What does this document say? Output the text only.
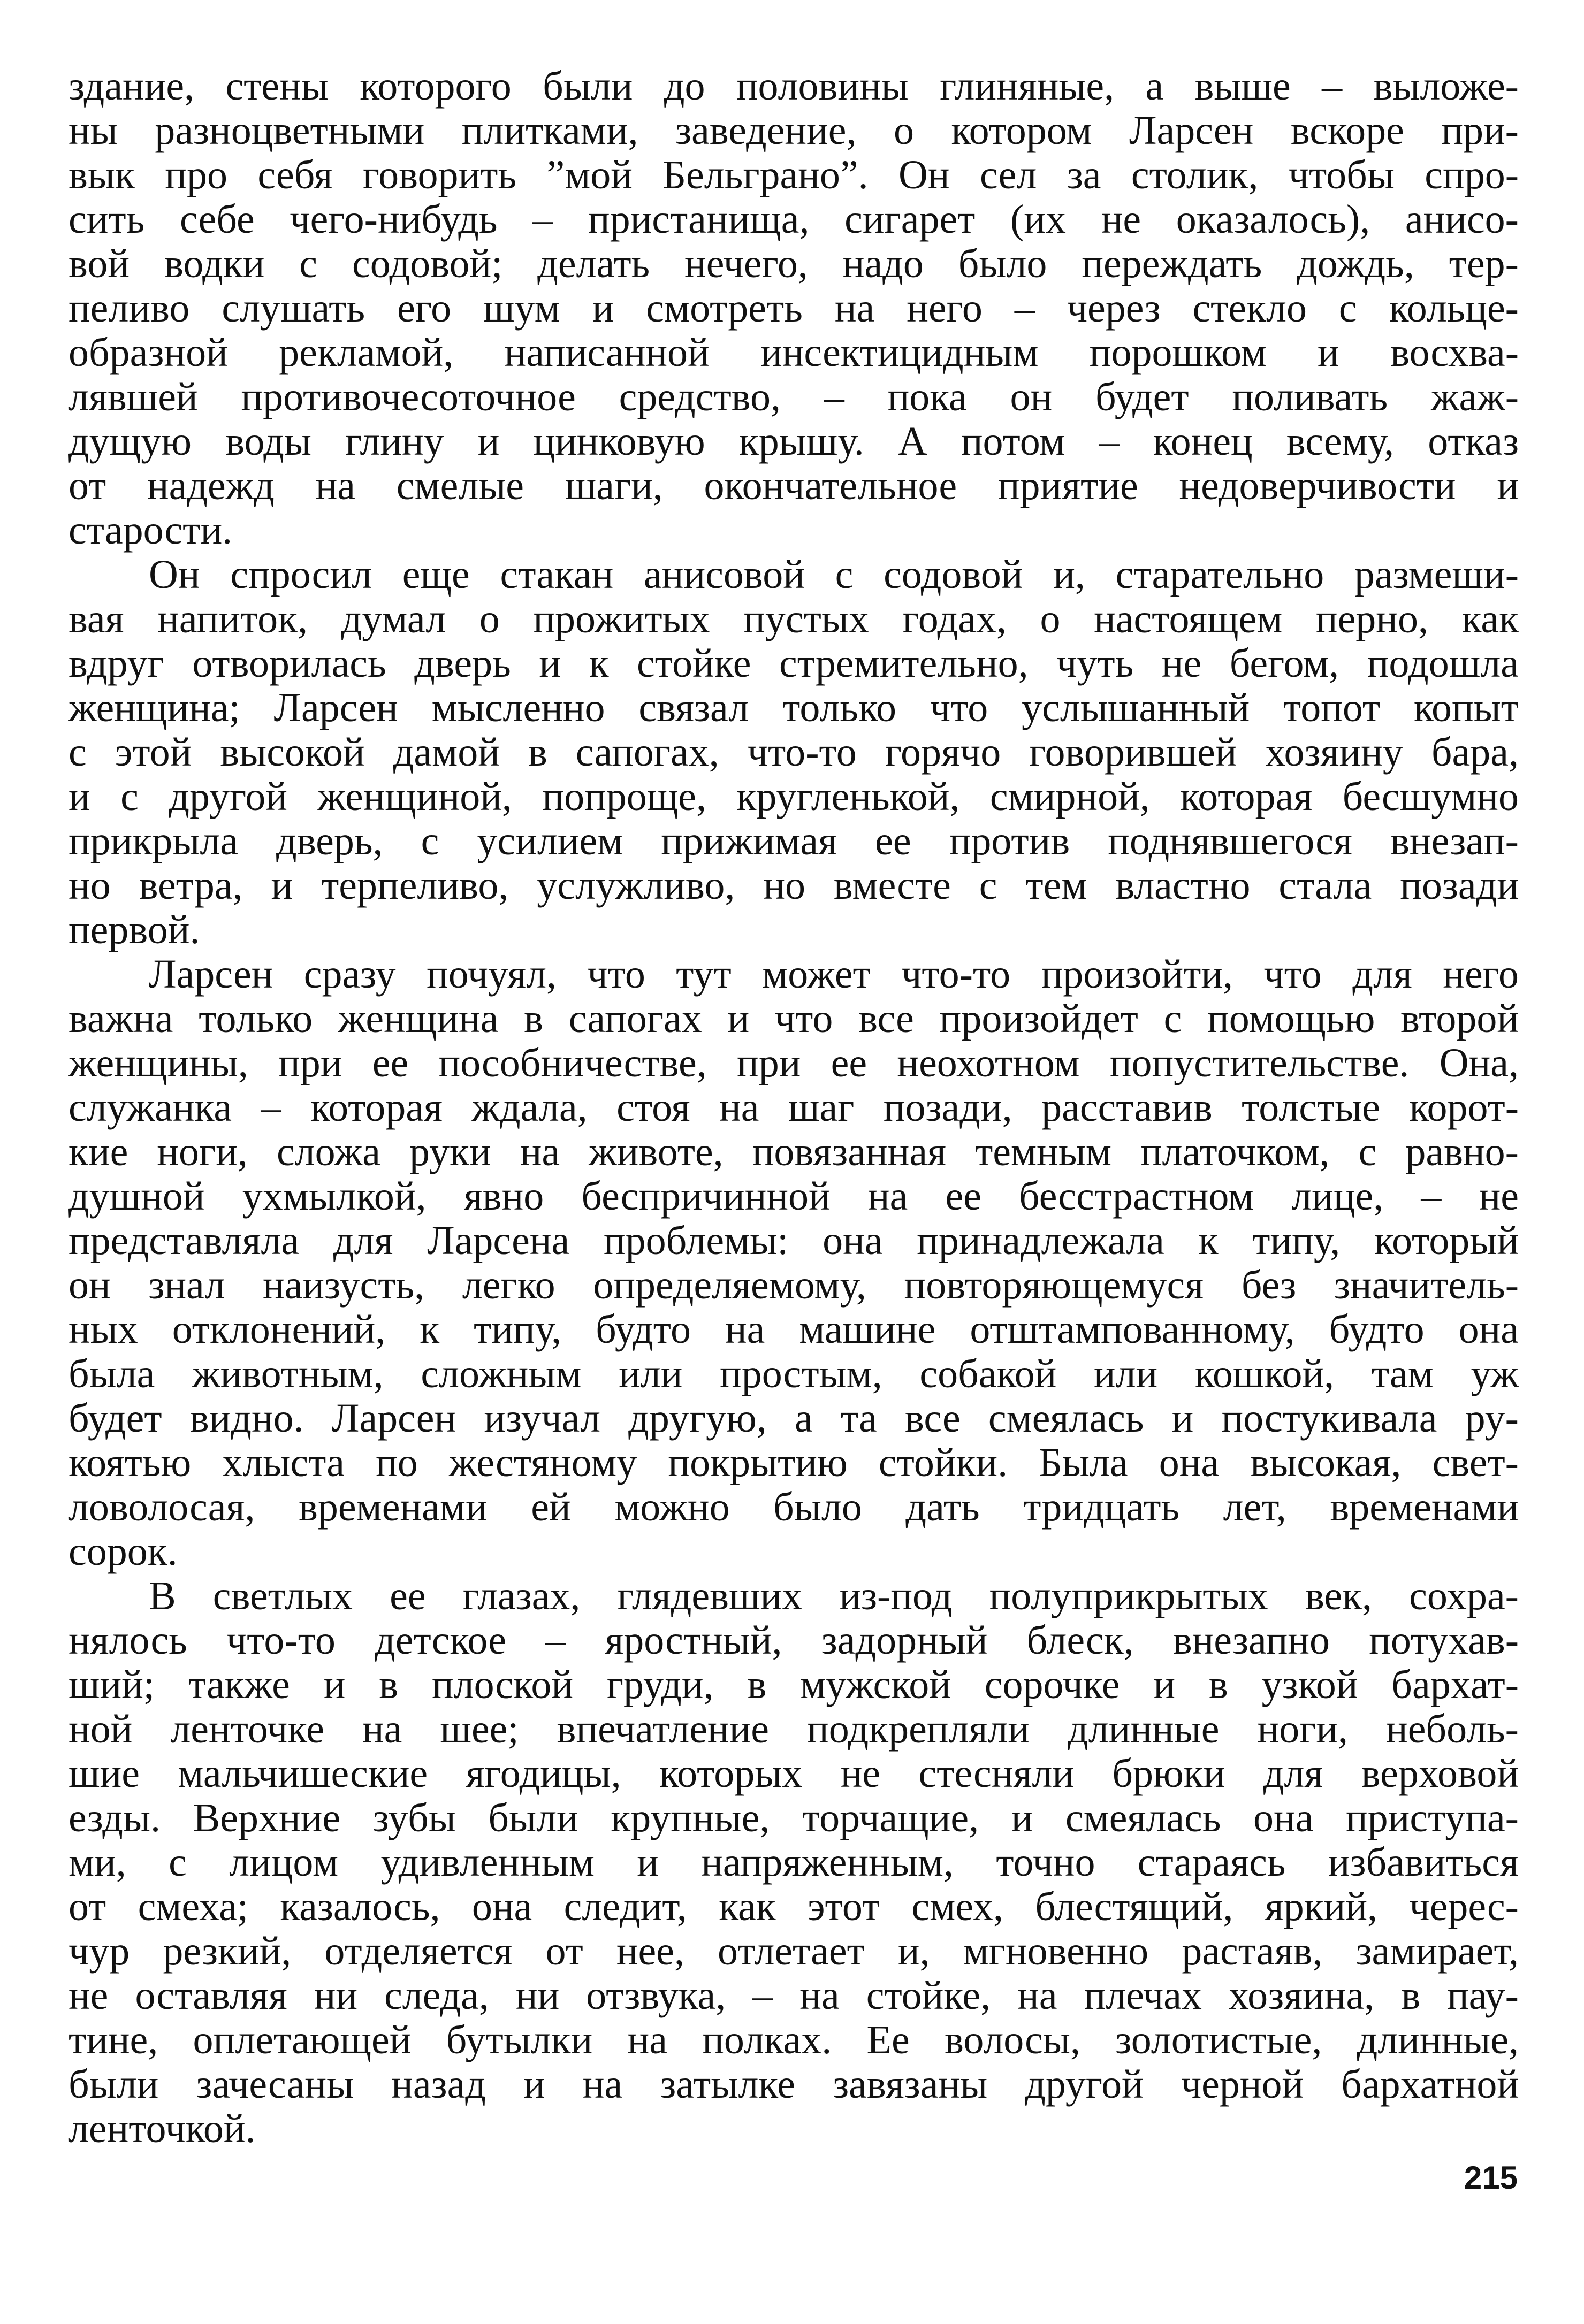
здание, стены которого были до половины глиняные, а выше – выложе-
ны разноцветными плитками, заведение, о котором Ларсен вскоре при-
вык про себя говорить ”мой Бельграно”. Он сел за столик, чтобы спро-
сить себе чего-нибудь – пристанища, сигарет (их не оказалось), анисо-
вой водки с содовой; делать нечего, надо было переждать дождь, тер-
пеливо слушать его шум и смотреть на него – через стекло с кольце-
образной рекламой, написанной инсектицидным порошком и восхва-
лявшей противочесоточное средство, – пока он будет поливать жаж-
дущую воды глину и цинковую крышу. А потом – конец всему, отказ
от надежд на смелые шаги, окончательное приятие недоверчивости и
старости.
Он спросил еще стакан анисовой с содовой и, старательно размеши-
вая напиток, думал о прожитых пустых годах, о настоящем перно, как
вдруг отворилась дверь и к стойке стремительно, чуть не бегом, подошла
женщина; Ларсен мысленно связал только что услышанный топот копыт
с этой высокой дамой в сапогах, что-то горячо говорившей хозяину бара,
и с другой женщиной, попроще, кругленькой, смирной, которая бесшумно
прикрыла дверь, с усилием прижимая ее против поднявшегося внезап-
но ветра, и терпеливо, услужливо, но вместе с тем властно стала позади
первой.
Ларсен сразу почуял, что тут может что-то произойти, что для него
важна только женщина в сапогах и что все произойдет с помощью второй
женщины, при ее пособничестве, при ее неохотном попустительстве. Она,
служанка – которая ждала, стоя на шаг позади, расставив толстые корот-
кие ноги, сложа руки на животе, повязанная темным платочком, с равно-
душной ухмылкой, явно беспричинной на ее бесстрастном лице, – не
представляла для Ларсена проблемы: она принадлежала к типу, который
он знал наизусть, легко определяемому, повторяющемуся без значитель-
ных отклонений, к типу, будто на машине отштампованному, будто она
была животным, сложным или простым, собакой или кошкой, там уж
будет видно. Ларсен изучал другую, а та все смеялась и постукивала ру-
коятью хлыста по жестяному покрытию стойки. Была она высокая, свет-
ловолосая, временами ей можно было дать тридцать лет, временами
сорок.
В светлых ее глазах, глядевших из-под полуприкрытых век, сохра-
нялось что-то детское – яростный, задорный блеск, внезапно потухав-
ший; также и в плоской груди, в мужской сорочке и в узкой бархат-
ной ленточке на шее; впечатление подкрепляли длинные ноги, неболь-
шие мальчишеские ягодицы, которых не стесняли брюки для верховой
езды. Верхние зубы были крупные, торчащие, и смеялась она приступа-
ми, с лицом удивленным и напряженным, точно стараясь избавиться
от смеха; казалось, она следит, как этот смех, блестящий, яркий, черес-
чур резкий, отделяется от нее, отлетает и, мгновенно растаяв, замирает,
не оставляя ни следа, ни отзвука, – на стойке, на плечах хозяина, в пау-
тине, оплетающей бутылки на полках. Ее волосы, золотистые, длинные,
были зачесаны назад и на затылке завязаны другой черной бархатной
ленточкой.
215
